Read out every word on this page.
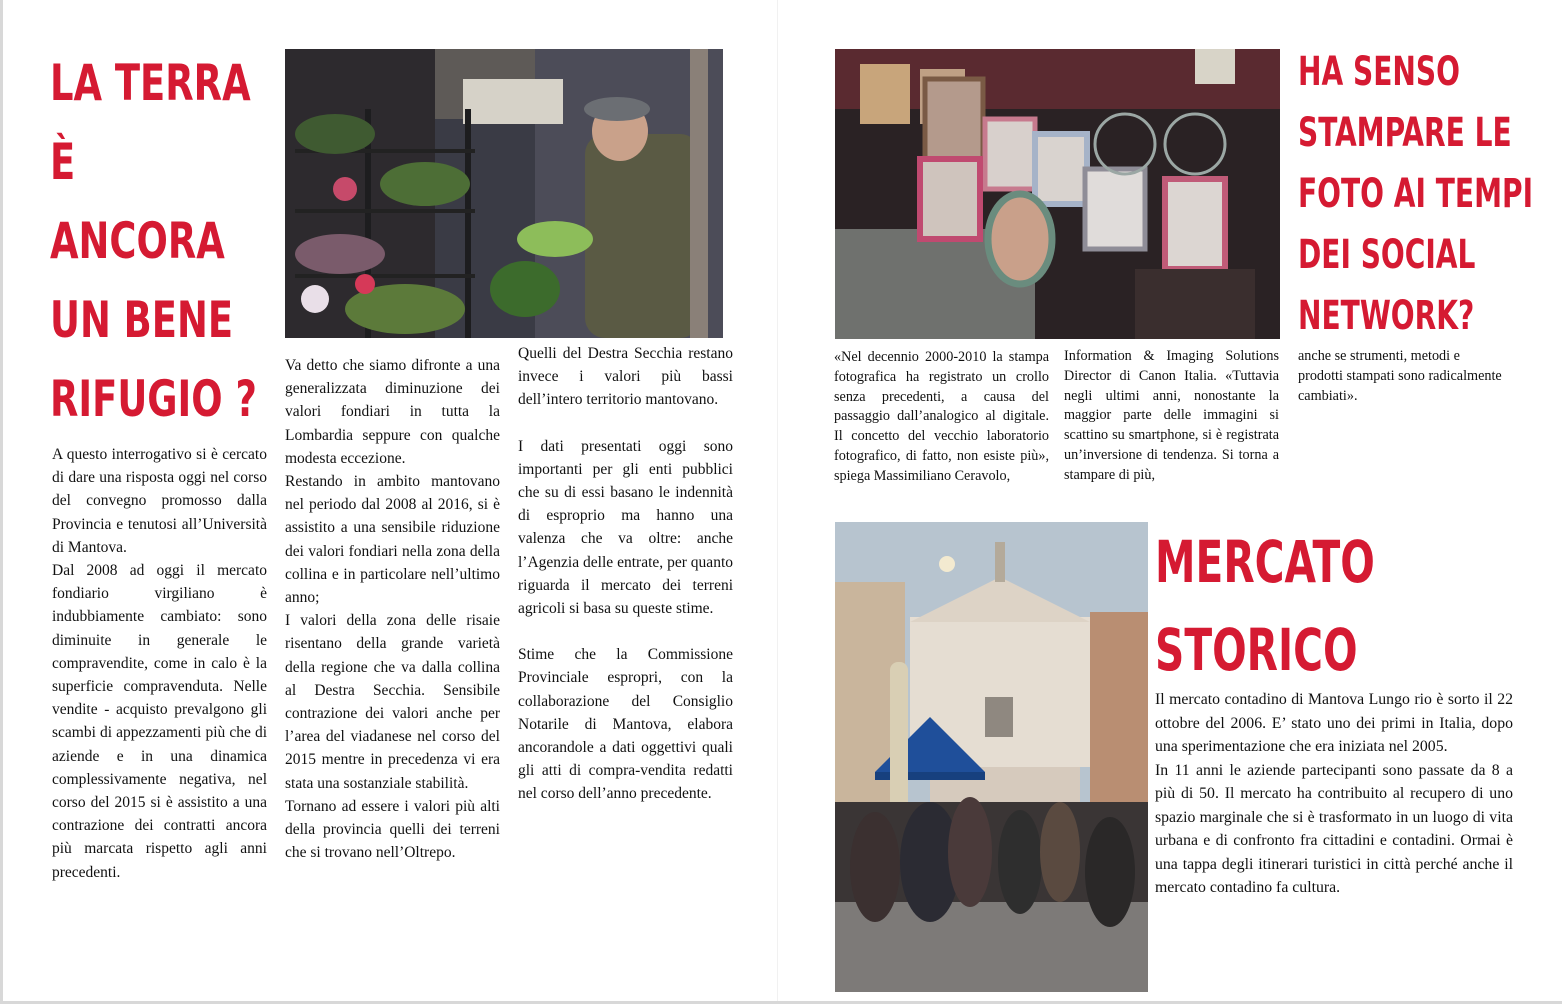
LA TERRA
È
ANCORA
UN BENE
RIFUGIO ?

A questo interrogativo si è cercato di dare una risposta oggi nel corso del convegno promosso dalla Provincia e tenutosi all’Università di Mantova.

Dal 2008 ad oggi il mercato fondiario virgiliano è indubbiamente cambiato: sono diminuite in generale le compravendite, come in calo è la superficie compravenduta. Nelle vendite - acquisto prevalgono gli scambi di appezzamenti più che di aziende e in una dinamica complessivamente negativa, nel corso del 2015 si è assistito a una contrazione dei contratti ancora più marcata rispetto agli anni precedenti.

Va detto che siamo difronte a una generalizzata diminuzione dei valori fondiari in tutta la Lombardia seppure con qualche modesta eccezione.

Restando in ambito mantovano nel periodo dal 2008 al 2016, si è assistito a una sensibile riduzione dei valori fondiari nella zona della collina e in particolare nell’ultimo anno;

I valori della zona delle risaie risentano della grande varietà della regione che va dalla collina al Destra Secchia. Sensibile contrazione dei valori anche per l’area del viadanese nel corso del 2015 mentre in precedenza vi era stata una sostanziale stabilità.

Tornano ad essere i valori più alti della provincia quelli dei terreni che si trovano nell’Oltrepo.

Quelli del Destra Secchia restano invece i valori più bassi dell’intero territorio mantovano.

I dati presentati oggi sono importanti per gli enti pubblici che su di essi basano le indennità di esproprio ma hanno una valenza che va oltre: anche l’Agenzia delle entrate, per quanto riguarda il mercato dei terreni agricoli si basa su queste stime.

Stime che la Commissione Provinciale espropri, con la collaborazione del Consiglio Notarile di Mantova, elabora ancorandole a dati oggettivi quali gli atti di compra-vendita redatti nel corso dell’anno precedente.

HA SENSO
STAMPARE LE
FOTO AI TEMPI
DEI SOCIAL
NETWORK?

«Nel decennio 2000-2010 la stampa fotografica ha registrato un crollo senza precedenti, a causa del passaggio dall’analogico al digitale. Il concetto del vecchio laboratorio fotografico, di fatto, non esiste più», spiega Massimiliano Ceravolo,

Information & Imaging Solutions Director di Canon Italia. «Tuttavia negli ultimi anni, nonostante la maggior parte delle immagini si scattino su smartphone, si è registrata un’inversione di tendenza. Si torna a stampare di più,

anche se strumenti, metodi e prodotti stampati sono radicalmente cambiati».

MERCATO
STORICO

Il mercato contadino di Mantova Lungo rio è sorto il 22 ottobre del 2006. E’ stato uno dei primi in Italia, dopo una sperimentazione che era iniziata nel 2005.

In 11 anni le aziende partecipanti sono passate da 8 a più di 50. Il mercato ha contribuito al recupero di uno spazio marginale che si è trasformato in un luogo di vita urbana e di confronto fra cittadini e contadini. Ormai è una tappa degli itinerari turistici in città perché anche il mercato contadino fa cultura.
